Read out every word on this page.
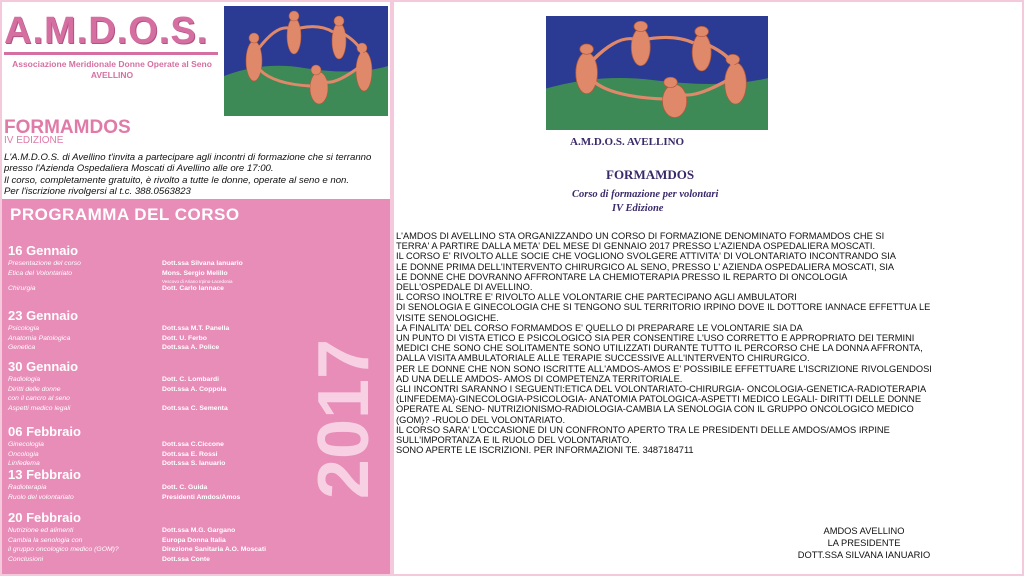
A.M.D.O.S.
Associazione Meridionale Donne Operate al Seno
AVELLINO
FORMAMDOS
IV EDIZIONE
L'A.M.D.O.S. di Avellino t'invita a partecipare agli incontri di formazione che si terranno
presso l'Azienda Ospedaliera Moscati di Avellino alle ore 17:00.
Il corso, completamente gratuito, è rivolto a tutte le donne, operate al seno e non.
Per l'iscrizione rivolgersi al t.c. 388.0563823
PROGRAMMA DEL CORSO
2017
16 Gennaio
Presentazione del corso	Dott.ssa Silvana Ianuario
Etica del Volontariato	Mons. Sergio Melillo
Vescovo di Ariano Irpino-Lacedonia
Chirurgia	Dott. Carlo Iannace
23 Gennaio
Psicologia	Dott.ssa M.T. Panella
Anatomia Patologica	Dott. U. Ferbo
Genetica	Dott.ssa A. Police
30 Gennaio
Radiologia	Dott. C. Lombardi
Diritti delle donne	Dott.ssa A. Coppola
con il cancro al seno
Aspetti medico legali	Dott.ssa C. Sementa
06 Febbraio
Ginecologia	Dott.ssa C.Ciccone
Oncologia	Dott.ssa E. Rossi
Linfedema	Dott.ssa S. Ianuario
13 Febbraio
Radioterapia	Dott. C. Guida
Ruolo del volontariato	Presidenti Amdos/Amos
20 Febbraio
Nutrizione ed alimenti	Dott.ssa M.G. Gargano
Cambia la senologia con	Europa Donna Italia
il gruppo oncologico medico (GOM)?	Direzione Sanitaria A.O. Moscati
Conclusioni	Dott.ssa Conte
A.M.D.O.S. AVELLINO
FORMAMDOS
Corso di formazione per volontari
IV Edizione
L'AMDOS DI AVELLINO STA ORGANIZZANDO UN CORSO DI FORMAZIONE DENOMINATO FORMAMDOS CHE SI
TERRA' A PARTIRE DALLA META' DEL MESE DI GENNAIO 2017 PRESSO L'AZIENDA OSPEDALIERA MOSCATI.
IL CORSO E' RIVOLTO ALLE SOCIE CHE VOGLIONO SVOLGERE ATTIVITA' DI VOLONTARIATO INCONTRANDO SIA
LE DONNE PRIMA DELL'INTERVENTO CHIRURGICO AL SENO, PRESSO L' AZIENDA OSPEDALIERA MOSCATI, SIA
LE DONNE CHE DOVRANNO AFFRONTARE LA CHEMIOTERAPIA PRESSO IL REPARTO DI ONCOLOGIA
DELL'OSPEDALE DI AVELLINO.
IL CORSO INOLTRE E' RIVOLTO ALLE VOLONTARIE CHE PARTECIPANO AGLI AMBULATORI
DI SENOLOGIA E GINECOLOGIA CHE SI TENGONO SUL TERRITORIO IRPINO DOVE IL DOTTORE IANNACE EFFETTUA LE
VISITE SENOLOGICHE.
LA FINALITA' DEL CORSO FORMAMDOS E' QUELLO DI PREPARARE LE VOLONTARIE SIA DA
UN PUNTO DI VISTA ETICO E PSICOLOGICO SIA PER CONSENTIRE L'USO CORRETTO E APPROPRIATO DEI TERMINI
MEDICI CHE SONO CHE SOLITAMENTE SONO UTILIZZATI DURANTE TUTTO IL PERCORSO CHE LA DONNA AFFRONTA,
DALLA VISITA AMBULATORIALE ALLE TERAPIE SUCCESSIVE ALL'INTERVENTO CHIRURGICO.
PER LE DONNE CHE NON SONO ISCRITTE ALL'AMDOS-AMOS E' POSSIBILE EFFETTUARE L'ISCRIZIONE RIVOLGENDOSI
AD UNA DELLE AMDOS- AMOS DI COMPETENZA TERRITORIALE.
GLI INCONTRI SARANNO I SEGUENTI:ETICA DEL VOLONTARIATO-CHIRURGIA- ONCOLOGIA-GENETICA-RADIOTERAPIA
(LINFEDEMA)-GINECOLOGIA-PSICOLOGIA- ANATOMIA PATOLOGICA-ASPETTI MEDICO LEGALI- DIRITTI DELLE DONNE
OPERATE AL SENO- NUTRIZIONISMO-RADIOLOGIA-CAMBIA LA SENOLOGIA CON IL GRUPPO ONCOLOGICO MEDICO
(GOM)? -RUOLO DEL VOLONTARIATO.
IL CORSO SARA' L'OCCASIONE DI UN CONFRONTO APERTO TRA LE PRESIDENTI DELLE AMDOS/AMOS IRPINE
SULL'IMPORTANZA E IL RUOLO DEL VOLONTARIATO.
SONO APERTE LE ISCRIZIONI. PER INFORMAZIONI TE. 3487184711
AMDOS AVELLINO
LA PRESIDENTE
DOTT.SSA SILVANA IANUARIO
